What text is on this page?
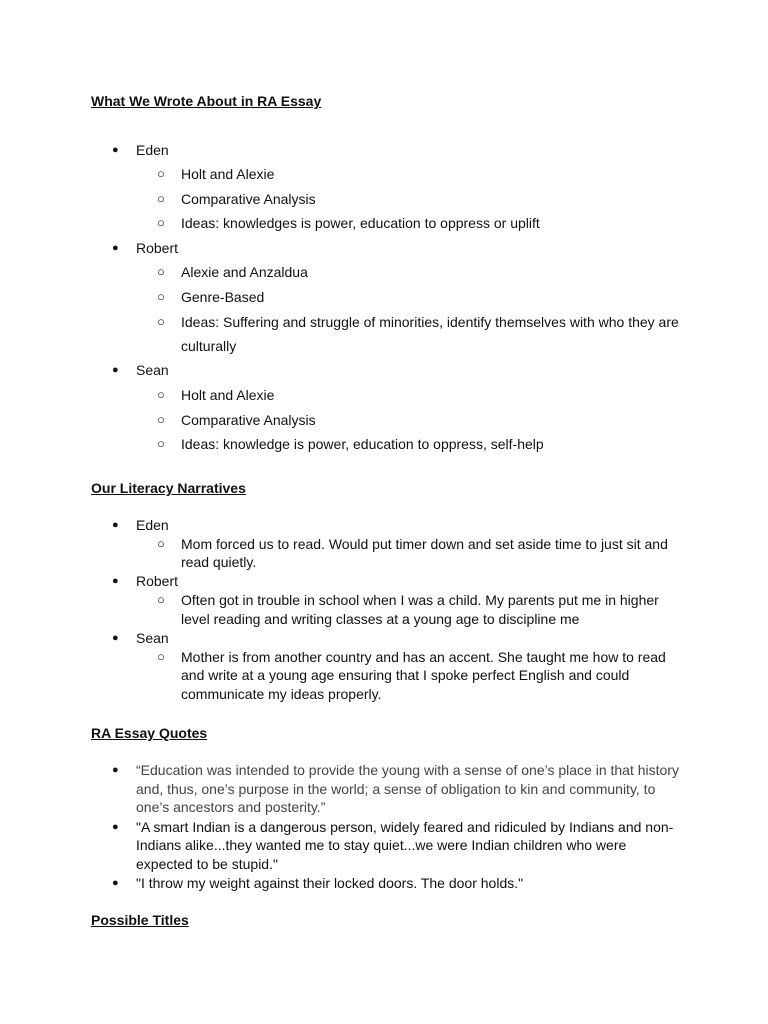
What We Wrote About in RA Essay
● Eden
○ Holt and Alexie
○ Comparative Analysis
○ Ideas: knowledges is power, education to oppress or uplift
● Robert
○ Alexie and Anzaldua
○ Genre-Based
○ Ideas: Suffering and struggle of minorities, identify themselves with who they are
culturally
● Sean
○ Holt and Alexie
○ Comparative Analysis
○ Ideas: knowledge is power, education to oppress, self-help
Our Literacy Narratives
● Eden
○ Mom forced us to read. Would put timer down and set aside time to just sit and
read quietly.
● Robert
○ Often got in trouble in school when I was a child. My parents put me in higher
level reading and writing classes at a young age to discipline me
● Sean
○ Mother is from another country and has an accent. She taught me how to read
and write at a young age ensuring that I spoke perfect English and could
communicate my ideas properly.
RA Essay Quotes
● “Education was intended to provide the young with a sense of one’s place in that history
and, thus, one’s purpose in the world; a sense of obligation to kin and community, to
one’s ancestors and posterity.”
● "A smart Indian is a dangerous person, widely feared and ridiculed by Indians and non-
Indians alike...they wanted me to stay quiet...we were Indian children who were
expected to be stupid."
● "I throw my weight against their locked doors. The door holds."
Possible Titles
